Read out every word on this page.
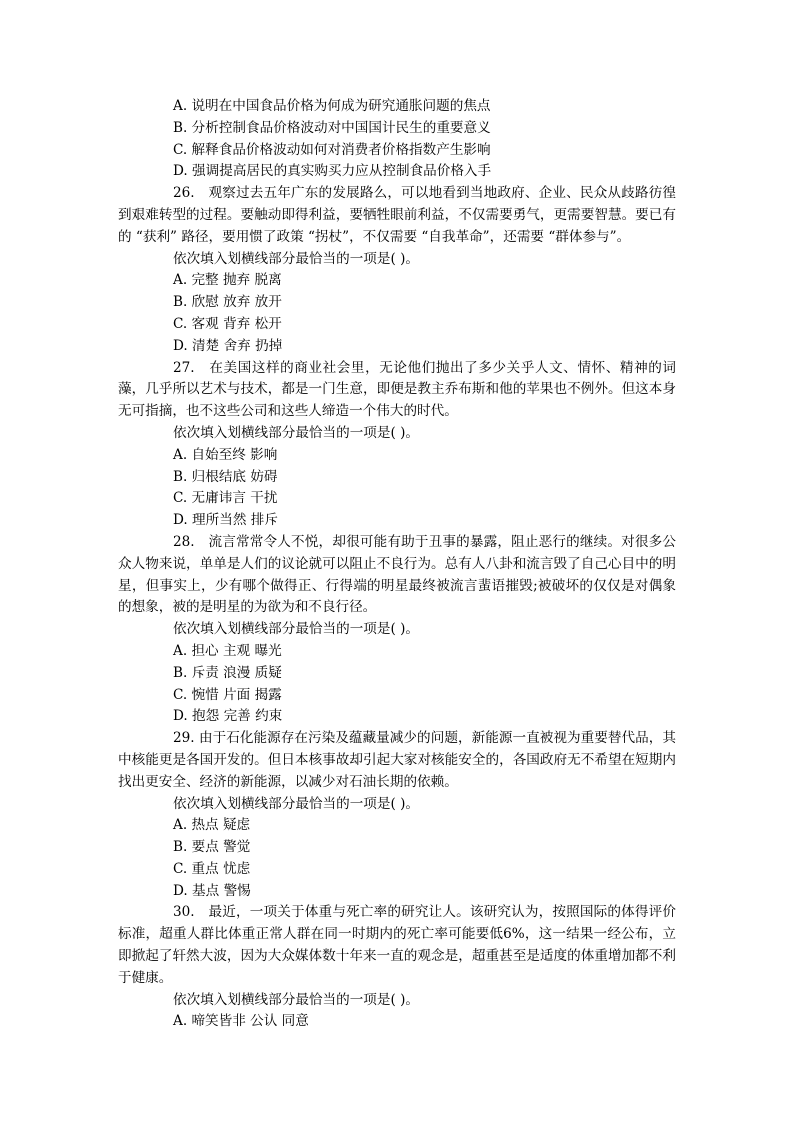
A. 说明在中国食品价格为何成为研究通胀问题的焦点
B. 分析控制食品价格波动对中国国计民生的重要意义
C. 解释食品价格波动如何对消费者价格指数产生影响
D. 强调提高居民的真实购买力应从控制食品价格入手
26.　观察过去五年广东的发展路么，可以地看到当地政府、企业、民众从歧路彷徨到艰难转型的过程。要触动即得利益，要牺牲眼前利益，不仅需要勇气，更需要智慧。要已有的 “获利” 路径，要用惯了政策 “拐杖”，不仅需要 “自我革命”，还需要 “群体参与”。
依次填入划横线部分最恰当的一项是( )。
A. 完整 抛弃 脱离
B. 欣慰 放弃 放开
C. 客观 背弃 松开
D. 清楚 舍弃 扔掉
27.　在美国这样的商业社会里，无论他们抛出了多少关乎人文、情怀、精神的词藻，几乎所以艺术与技术，都是一门生意，即便是教主乔布斯和他的苹果也不例外。但这本身无可指摘，也不这些公司和这些人缔造一个伟大的时代。
依次填入划横线部分最恰当的一项是( )。
A. 自始至终 影响
B. 归根结底 妨碍
C. 无庸讳言 干扰
D. 理所当然 排斥
28.　流言常常令人不悦，却很可能有助于丑事的暴露，阻止恶行的继续。对很多公众人物来说，单单是人们的议论就可以阻止不良行为。总有人八卦和流言毁了自己心目中的明星，但事实上，少有哪个做得正、行得端的明星最终被流言蜚语摧毁;被破坏的仅仅是对偶象的想象，被的是明星的为欲为和不良行径。
依次填入划横线部分最恰当的一项是( )。
A. 担心 主观 曝光
B. 斥责 浪漫 质疑
C. 惋惜 片面 揭露
D. 抱怨 完善 约束
29. 由于石化能源存在污染及蕴藏量减少的问题，新能源一直被视为重要替代品，其中核能更是各国开发的。但日本核事故却引起大家对核能安全的，各国政府无不希望在短期内找出更安全、经济的新能源，以减少对石油长期的依赖。
依次填入划横线部分最恰当的一项是( )。
A. 热点 疑虑
B. 要点 警觉
C. 重点 忧虑
D. 基点 警惕
30.　最近，一项关于体重与死亡率的研究让人。该研究认为，按照国际的体得评价标准，超重人群比体重正常人群在同一时期内的死亡率可能要低6%，这一结果一经公布，立即掀起了轩然大波，因为大众媒体数十年来一直的观念是，超重甚至是适度的体重增加都不利于健康。
依次填入划横线部分最恰当的一项是( )。
A. 啼笑皆非 公认 同意
